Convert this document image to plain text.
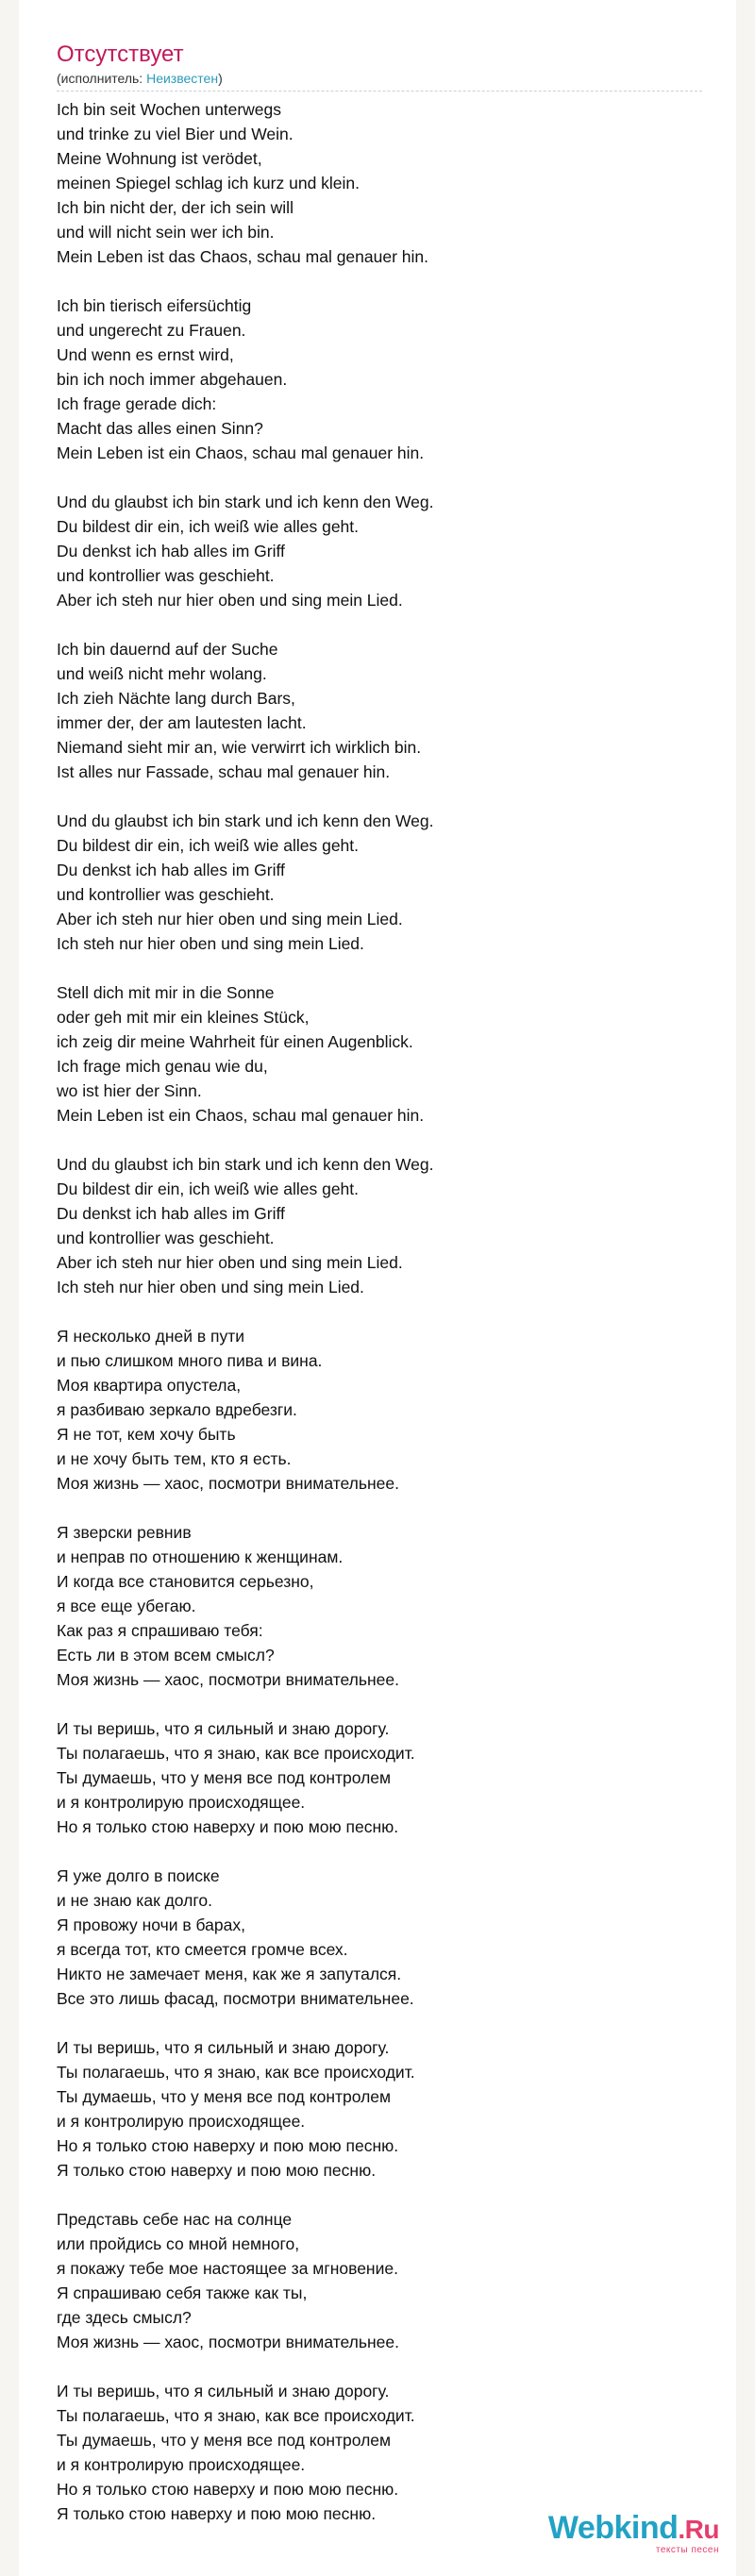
Отсутствует
(исполнитель: Неизвестен)
Ich bin seit Wochen unterwegs
und trinke zu viel Bier und Wein.
Meine Wohnung ist verödet,
meinen Spiegel schlag ich kurz und klein.
Ich bin nicht der, der ich sein will
und will nicht sein wer ich bin.
Mein Leben ist das Chaos, schau mal genauer hin.
Ich bin tierisch eifersüchtig
und ungerecht zu Frauen.
Und wenn es ernst wird,
bin ich noch immer abgehauen.
Ich frage gerade dich:
Macht das alles einen Sinn?
Mein Leben ist ein Chaos, schau mal genauer hin.
Und du glaubst ich bin stark und ich kenn den Weg.
Du bildest dir ein, ich weiß wie alles geht.
Du denkst ich hab alles im Griff
und kontrollier was geschieht.
Aber ich steh nur hier oben und sing mein Lied.
Ich bin dauernd auf der Suche
und weiß nicht mehr wolang.
Ich zieh Nächte lang durch Bars,
immer der, der am lautesten lacht.
Niemand sieht mir an, wie verwirrt ich wirklich bin.
Ist alles nur Fassade, schau mal genauer hin.
Und du glaubst ich bin stark und ich kenn den Weg.
Du bildest dir ein, ich weiß wie alles geht.
Du denkst ich hab alles im Griff
und kontrollier was geschieht.
Aber ich steh nur hier oben und sing mein Lied.
Ich steh nur hier oben und sing mein Lied.
Stell dich mit mir in die Sonne
oder geh mit mir ein kleines Stück,
ich zeig dir meine Wahrheit für einen Augenblick.
Ich frage mich genau wie du,
wo ist hier der Sinn.
Mein Leben ist ein Chaos, schau mal genauer hin.
Und du glaubst ich bin stark und ich kenn den Weg.
Du bildest dir ein, ich weiß wie alles geht.
Du denkst ich hab alles im Griff
und kontrollier was geschieht.
Aber ich steh nur hier oben und sing mein Lied.
Ich steh nur hier oben und sing mein Lied.
Я несколько дней в пути
и пью слишком много пива и вина.
Моя квартира опустела,
я разбиваю зеркало вдребезги.
Я не тот, кем хочу быть
и не хочу быть тем, кто я есть.
Моя жизнь — хаос, посмотри внимательнее.
Я зверски ревнив
и неправ по отношению к женщинам.
И когда все становится серьезно,
я все еще убегаю.
Как раз я спрашиваю тебя:
Есть ли в этом всем смысл?
Моя жизнь — хаос, посмотри внимательнее.
И ты веришь, что я сильный и знаю дорогу.
Ты полагаешь, что я знаю, как все происходит.
Ты думаешь, что у меня все под контролем
и я контролирую происходящее.
Но я только стою наверху и пою мою песню.
Я уже долго в поиске
и не знаю как долго.
Я провожу ночи в барах,
я всегда тот, кто смеется громче всех.
Никто не замечает меня, как же я запутался.
Все это лишь фасад, посмотри внимательнее.
И ты веришь, что я сильный и знаю дорогу.
Ты полагаешь, что я знаю, как все происходит.
Ты думаешь, что у меня все под контролем
и я контролирую происходящее.
Но я только стою наверху и пою мою песню.
Я только стою наверху и пою мою песню.
Представь себе нас на солнце
или пройдись со мной немного,
я покажу тебе мое настоящее за мгновение.
Я спрашиваю себя также как ты,
где здесь смысл?
Моя жизнь — хаос, посмотри внимательнее.
И ты веришь, что я сильный и знаю дорогу.
Ты полагаешь, что я знаю, как все происходит.
Ты думаешь, что у меня все под контролем
и я контролирую происходящее.
Но я только стою наверху и пою мою песню.
Я только стою наверху и пою мою песню.	Webkind.Ru
тексты песен
